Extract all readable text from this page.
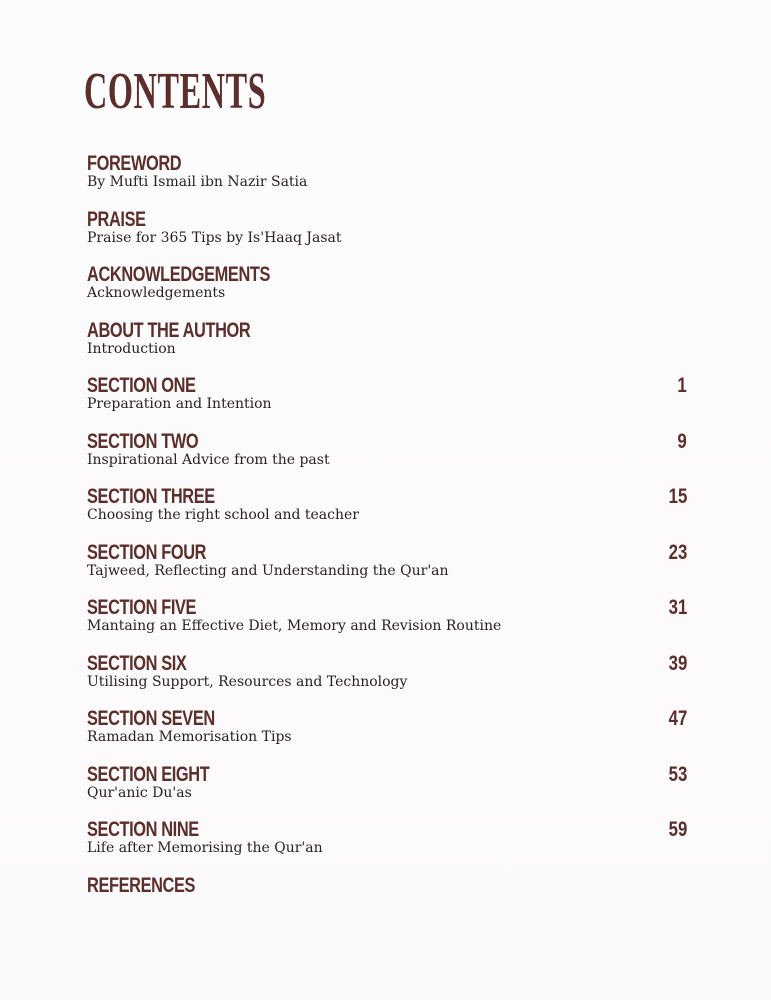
CONTENTS
FOREWORD
By Mufti Ismail ibn Nazir Satia
PRAISE
Praise for 365 Tips by Is'Haaq Jasat
ACKNOWLEDGEMENTS
Acknowledgements
ABOUT THE AUTHOR
Introduction
SECTION ONE
Preparation and Intention
1
SECTION TWO
Inspirational Advice from the past
9
SECTION THREE
Choosing the right school and teacher
15
SECTION FOUR
Tajweed, Reflecting and Understanding the Qur'an
23
SECTION FIVE
Mantaing an Effective Diet, Memory and Revision Routine
31
SECTION SIX
Utilising Support, Resources and Technology
39
SECTION SEVEN
Ramadan Memorisation Tips
47
SECTION EIGHT
Qur'anic Du'as
53
SECTION NINE
Life after Memorising the Qur'an
59
REFERENCES
